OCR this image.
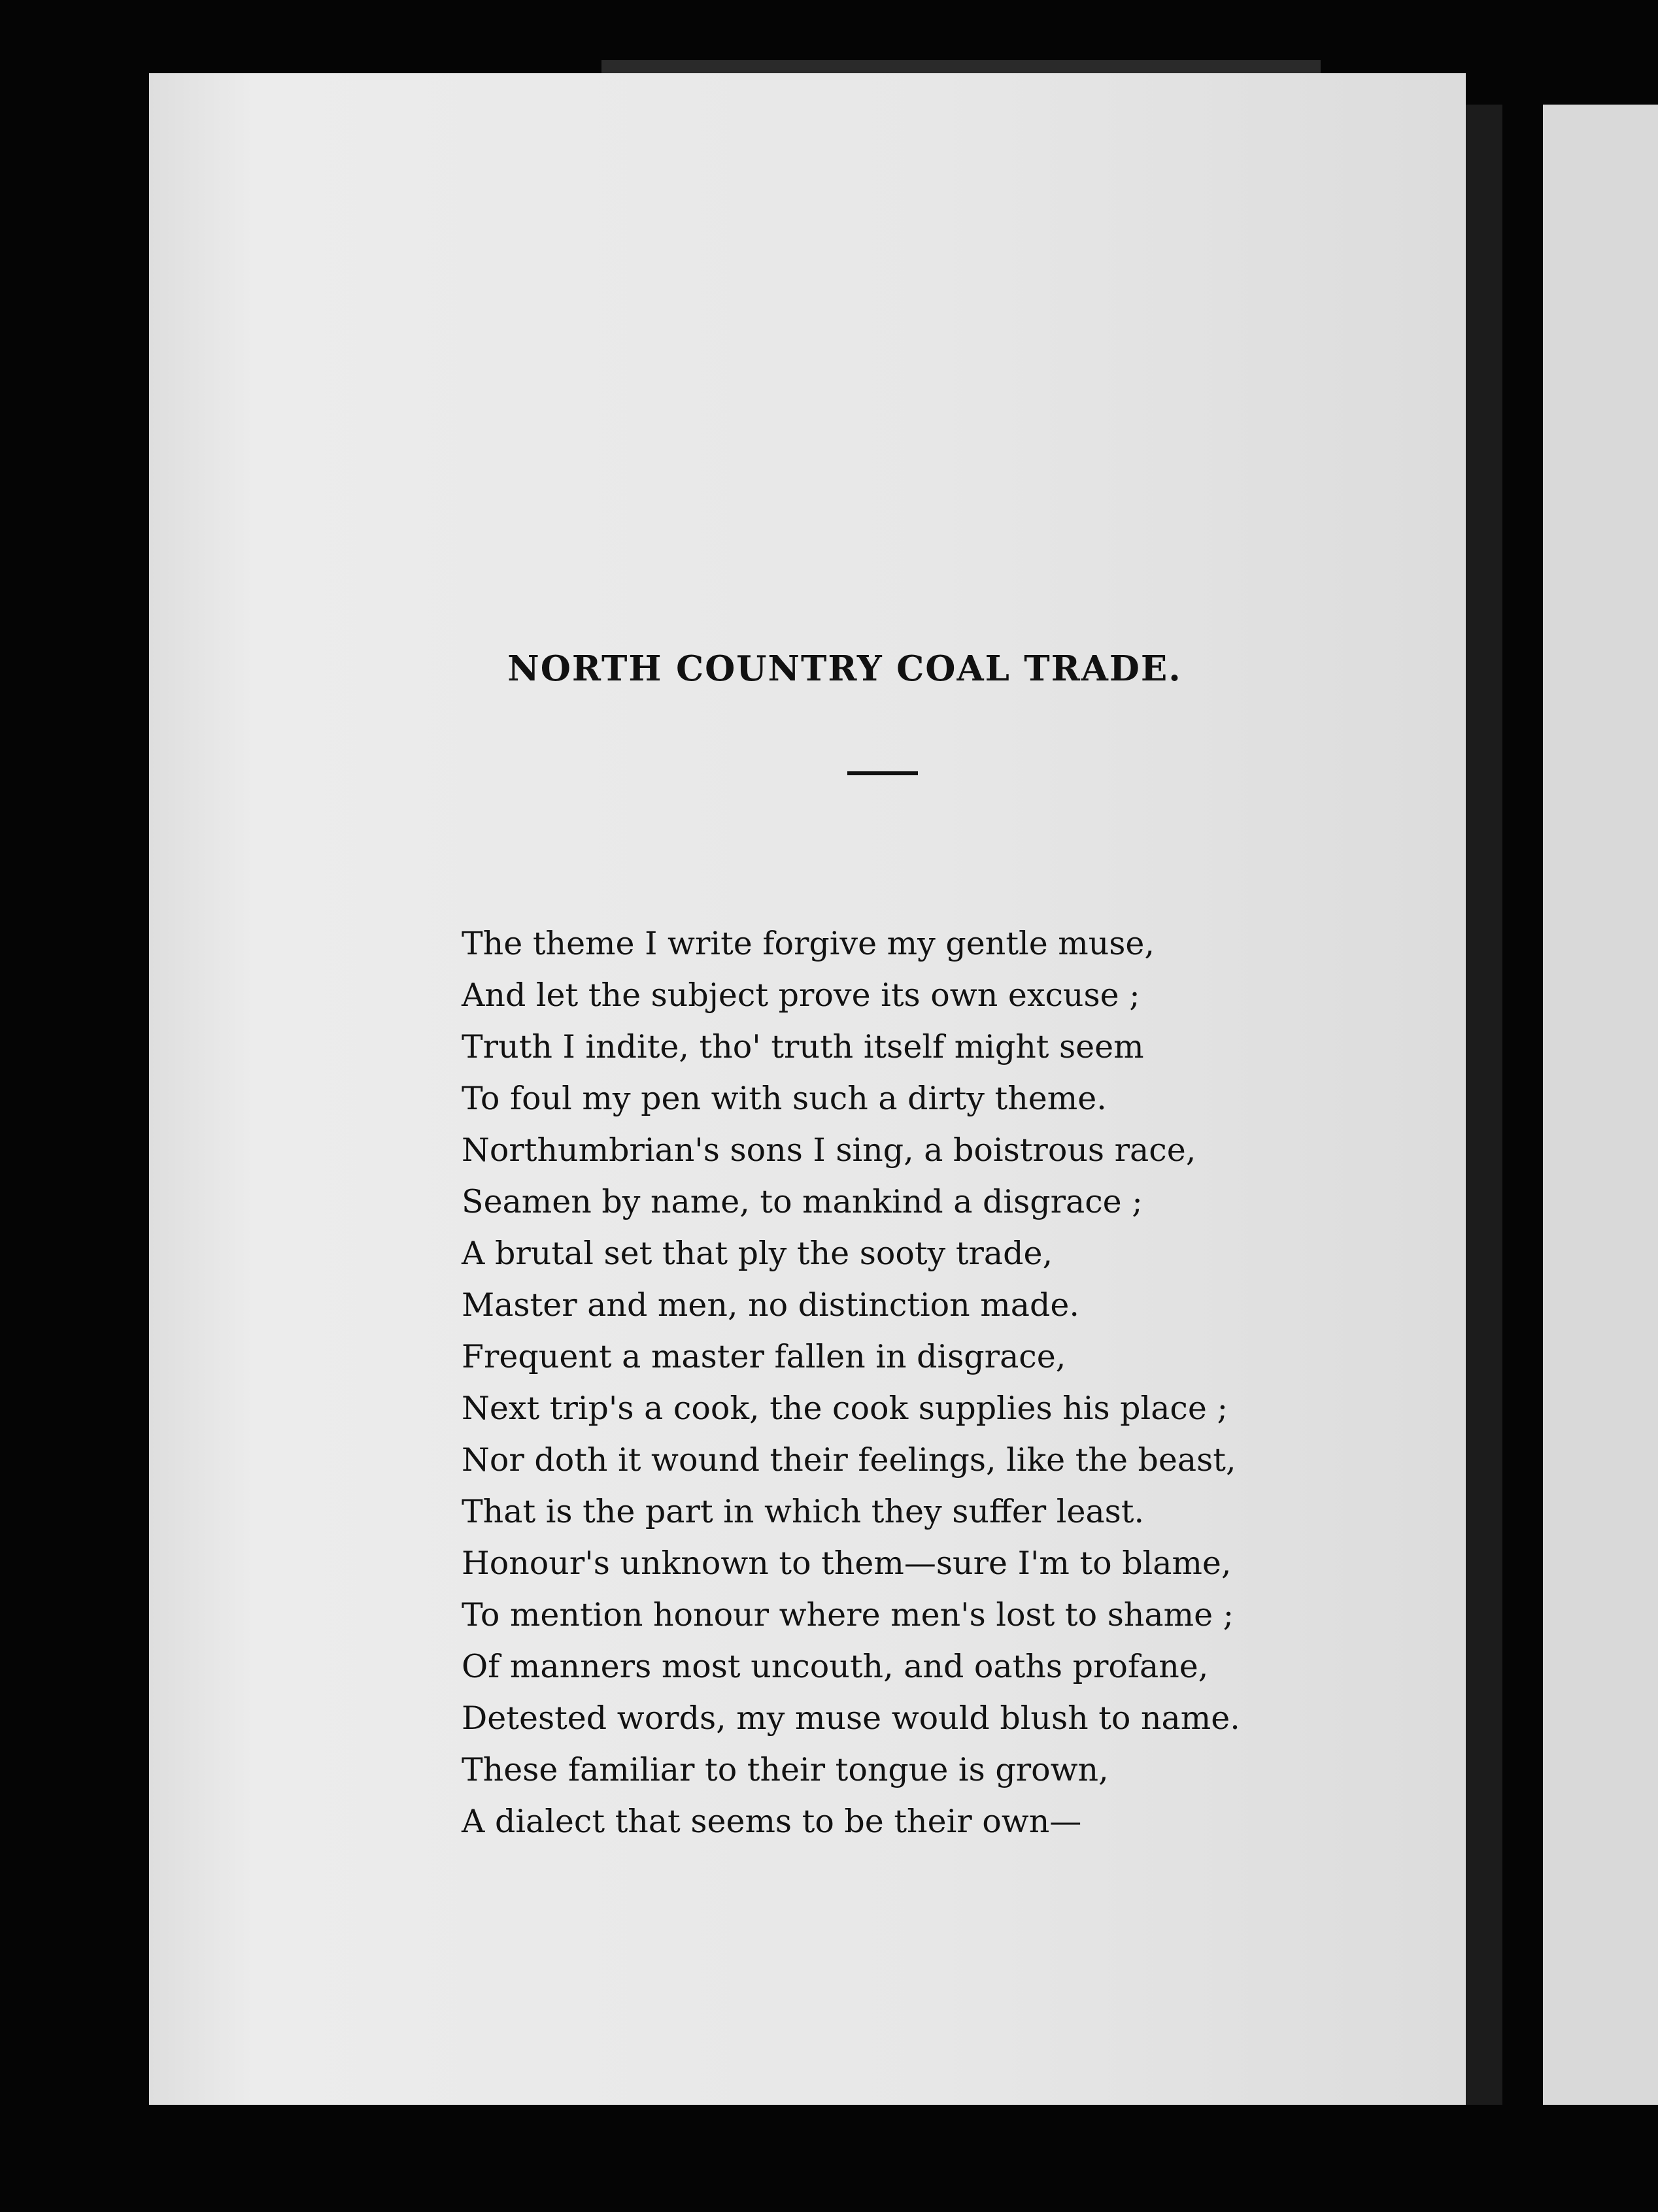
NORTH COUNTRY COAL TRADE.
The theme I write forgive my gentle muse,
And let the subject prove its own excuse ;
Truth I indite, tho' truth itself might seem
To foul my pen with such a dirty theme.
Northumbrian's sons I sing, a boistrous race,
Seamen by name, to mankind a disgrace ;
A brutal set that ply the sooty trade,
Master and men, no distinction made.
Frequent a master fallen in disgrace,
Next trip's a cook, the cook supplies his place ;
Nor doth it wound their feelings, like the beast,
That is the part in which they suffer least.
Honour's unknown to them—sure I'm to blame,
To mention honour where men's lost to shame ;
Of manners most uncouth, and oaths profane,
Detested words, my muse would blush to name.
These familiar to their tongue is grown,
A dialect that seems to be their own—
